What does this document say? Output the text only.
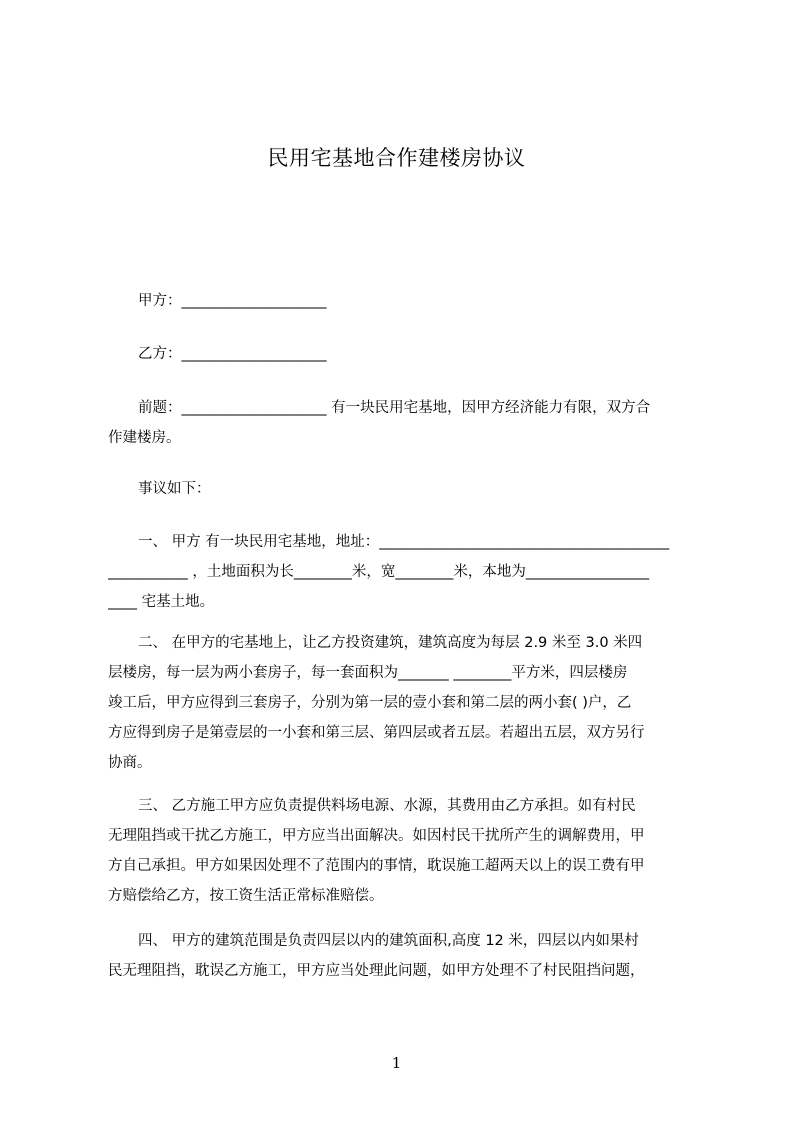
民用宅基地合作建楼房协议

甲方：____________________

乙方：____________________

前题：____________________ 有一块民用宅基地，因甲方经济能力有限，双方合
作建楼房。

事议如下：

一、 甲方 有一块民用宅基地，地址：________________________________________
___________ ，土地面积为长________米，宽________米，本地为_________________
____ 宅基土地。

二、 在甲方的宅基地上，让乙方投资建筑，建筑高度为每层 2.9 米至 3.0 米四
层楼房，每一层为两小套房子，每一套面积为_______ ________平方米，四层楼房
竣工后，甲方应得到三套房子，分别为第一层的壹小套和第二层的两小套( )户，乙
方应得到房子是第壹层的一小套和第三层、第四层或者五层。若超出五层，双方另行
协商。

三、 乙方施工甲方应负责提供料场电源、水源，其费用由乙方承担。如有村民
无理阻挡或干扰乙方施工，甲方应当出面解决。如因村民干扰所产生的调解费用，甲
方自己承担。甲方如果因处理不了范围内的事情，耽误施工超两天以上的误工费有甲
方赔偿给乙方，按工资生活正常标准赔偿。

四、 甲方的建筑范围是负责四层以内的建筑面积,高度 12 米，四层以内如果村
民无理阻挡，耽误乙方施工，甲方应当处理此问题，如甲方处理不了村民阻挡问题，

1
